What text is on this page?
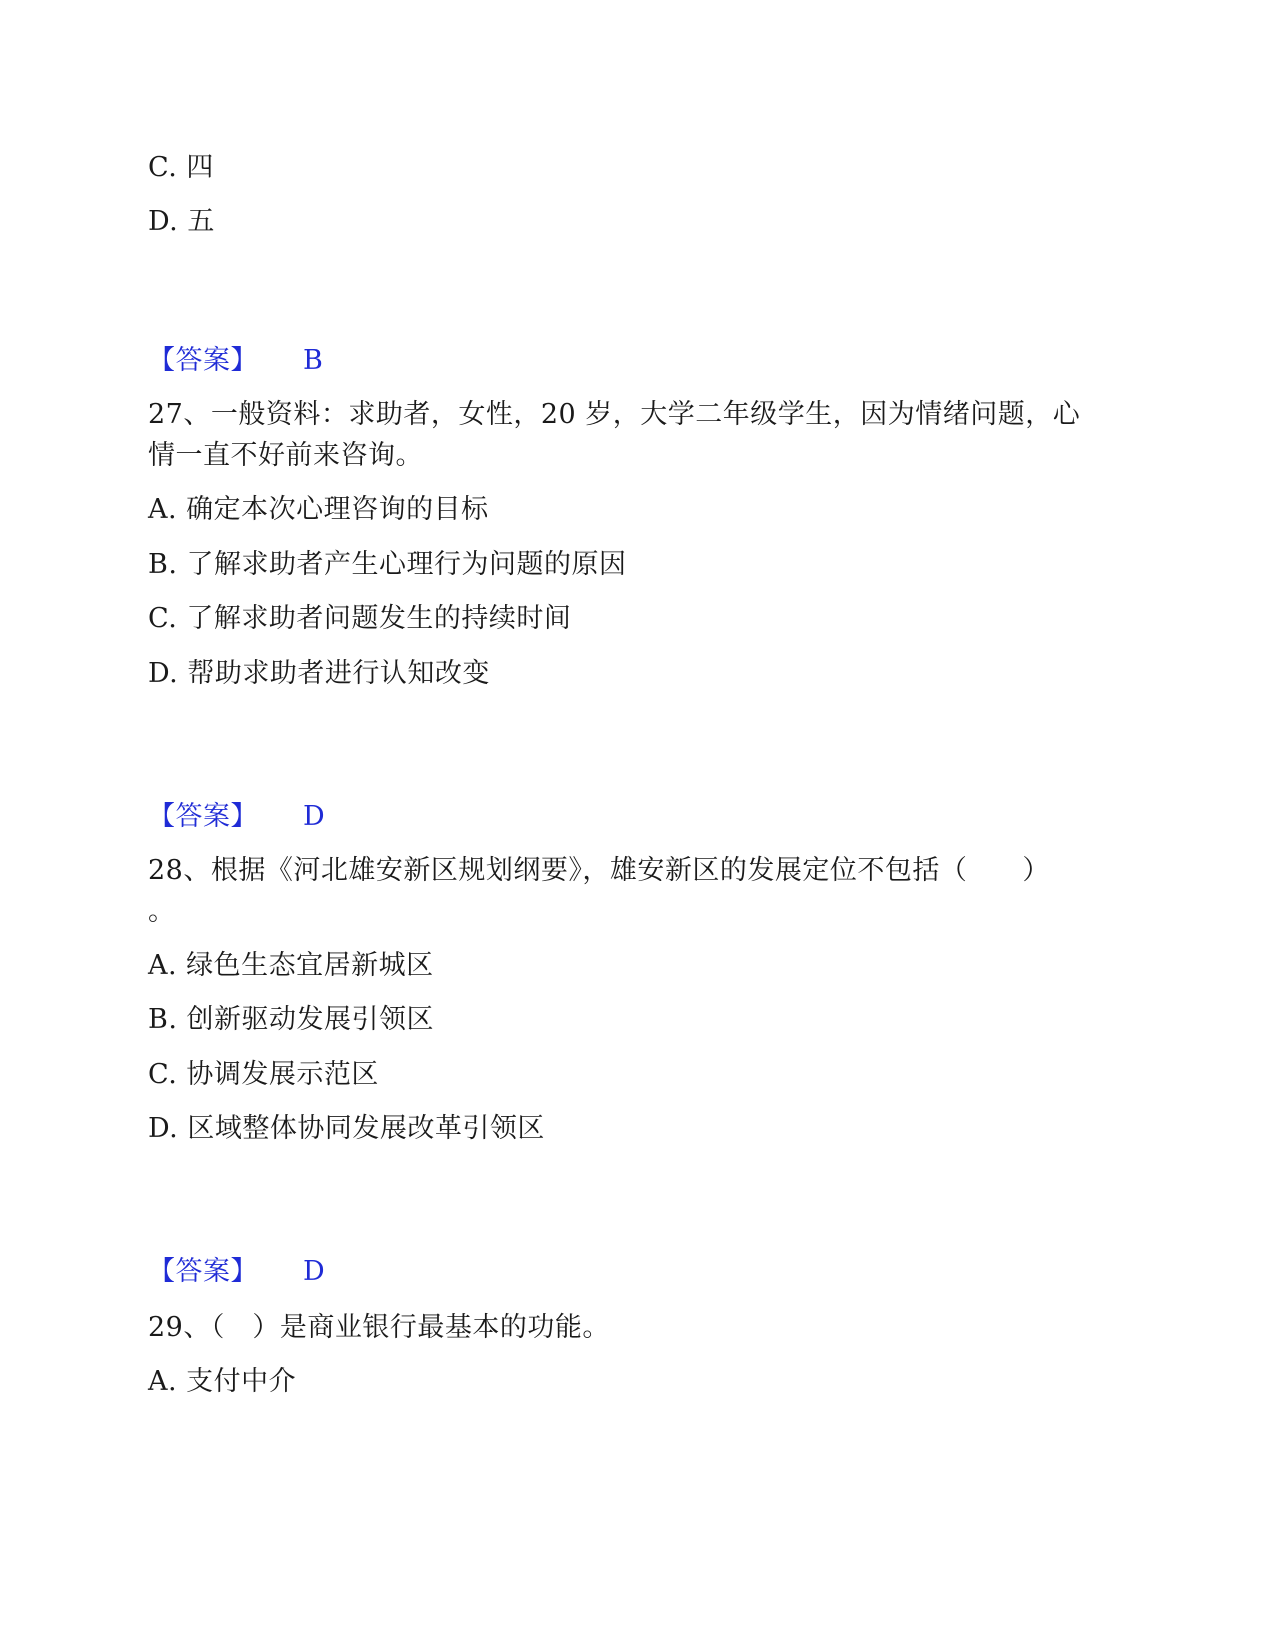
C. 四
D. 五
【答案】 B
27、一般资料：求助者，女性，20 岁，大学二年级学生，因为情绪问题，心
情一直不好前来咨询。
A. 确定本次心理咨询的目标
B. 了解求助者产生心理行为问题的原因
C. 了解求助者问题发生的持续时间
D. 帮助求助者进行认知改变
【答案】 D
28、根据《河北雄安新区规划纲要》，雄安新区的发展定位不包括（　　）
。
A. 绿色生态宜居新城区
B. 创新驱动发展引领区
C. 协调发展示范区
D. 区域整体协同发展改革引领区
【答案】 D
29、（　）是商业银行最基本的功能。
A. 支付中介
